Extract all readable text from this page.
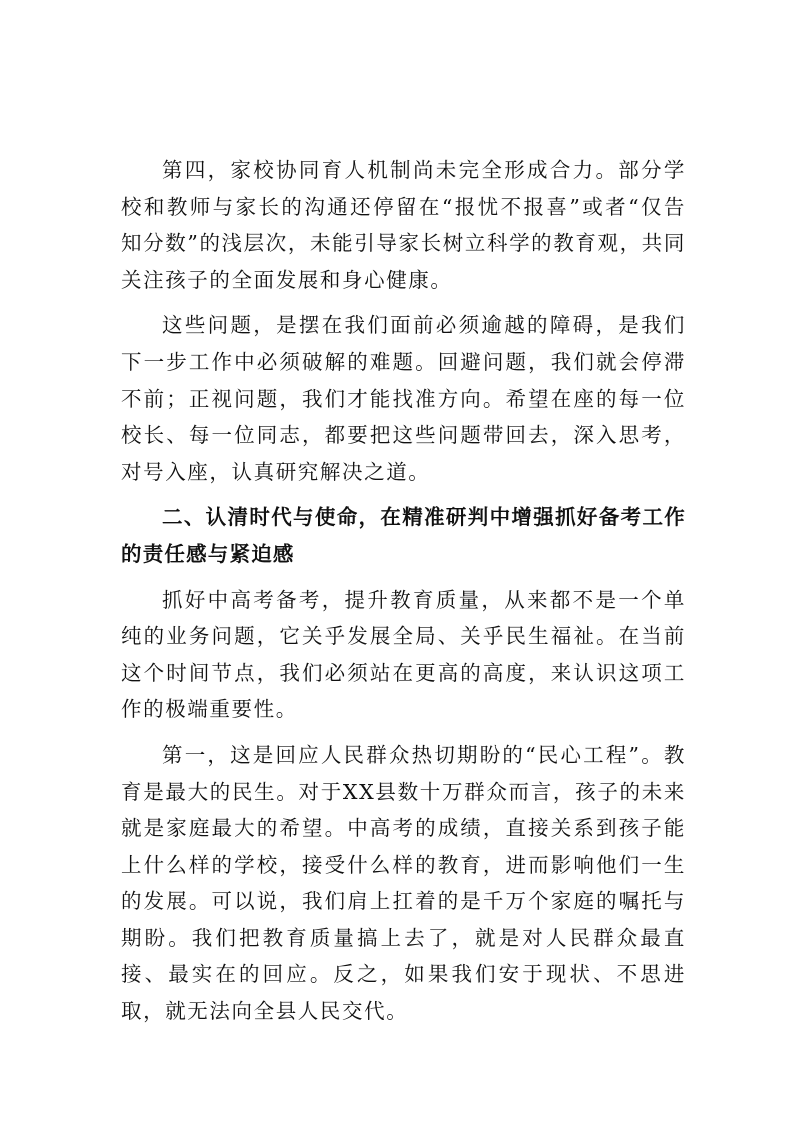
第四，家校协同育人机制尚未完全形成合力。部分学校和教师与家长的沟通还停留在“报忧不报喜”或者“仅告知分数”的浅层次，未能引导家长树立科学的教育观，共同关注孩子的全面发展和身心健康。

这些问题，是摆在我们面前必须逾越的障碍，是我们下一步工作中必须破解的难题。回避问题，我们就会停滞不前；正视问题，我们才能找准方向。希望在座的每一位校长、每一位同志，都要把这些问题带回去，深入思考，对号入座，认真研究解决之道。

二、认清时代与使命，在精准研判中增强抓好备考工作的责任感与紧迫感

抓好中高考备考，提升教育质量，从来都不是一个单纯的业务问题，它关乎发展全局、关乎民生福祉。在当前这个时间节点，我们必须站在更高的高度，来认识这项工作的极端重要性。

第一，这是回应人民群众热切期盼的“民心工程”。教育是最大的民生。对于XX县数十万群众而言，孩子的未来就是家庭最大的希望。中高考的成绩，直接关系到孩子能上什么样的学校，接受什么样的教育，进而影响他们一生的发展。可以说，我们肩上扛着的是千万个家庭的嘱托与期盼。我们把教育质量搞上去了，就是对人民群众最直接、最实在的回应。反之，如果我们安于现状、不思进取，就无法向全县人民交代。
